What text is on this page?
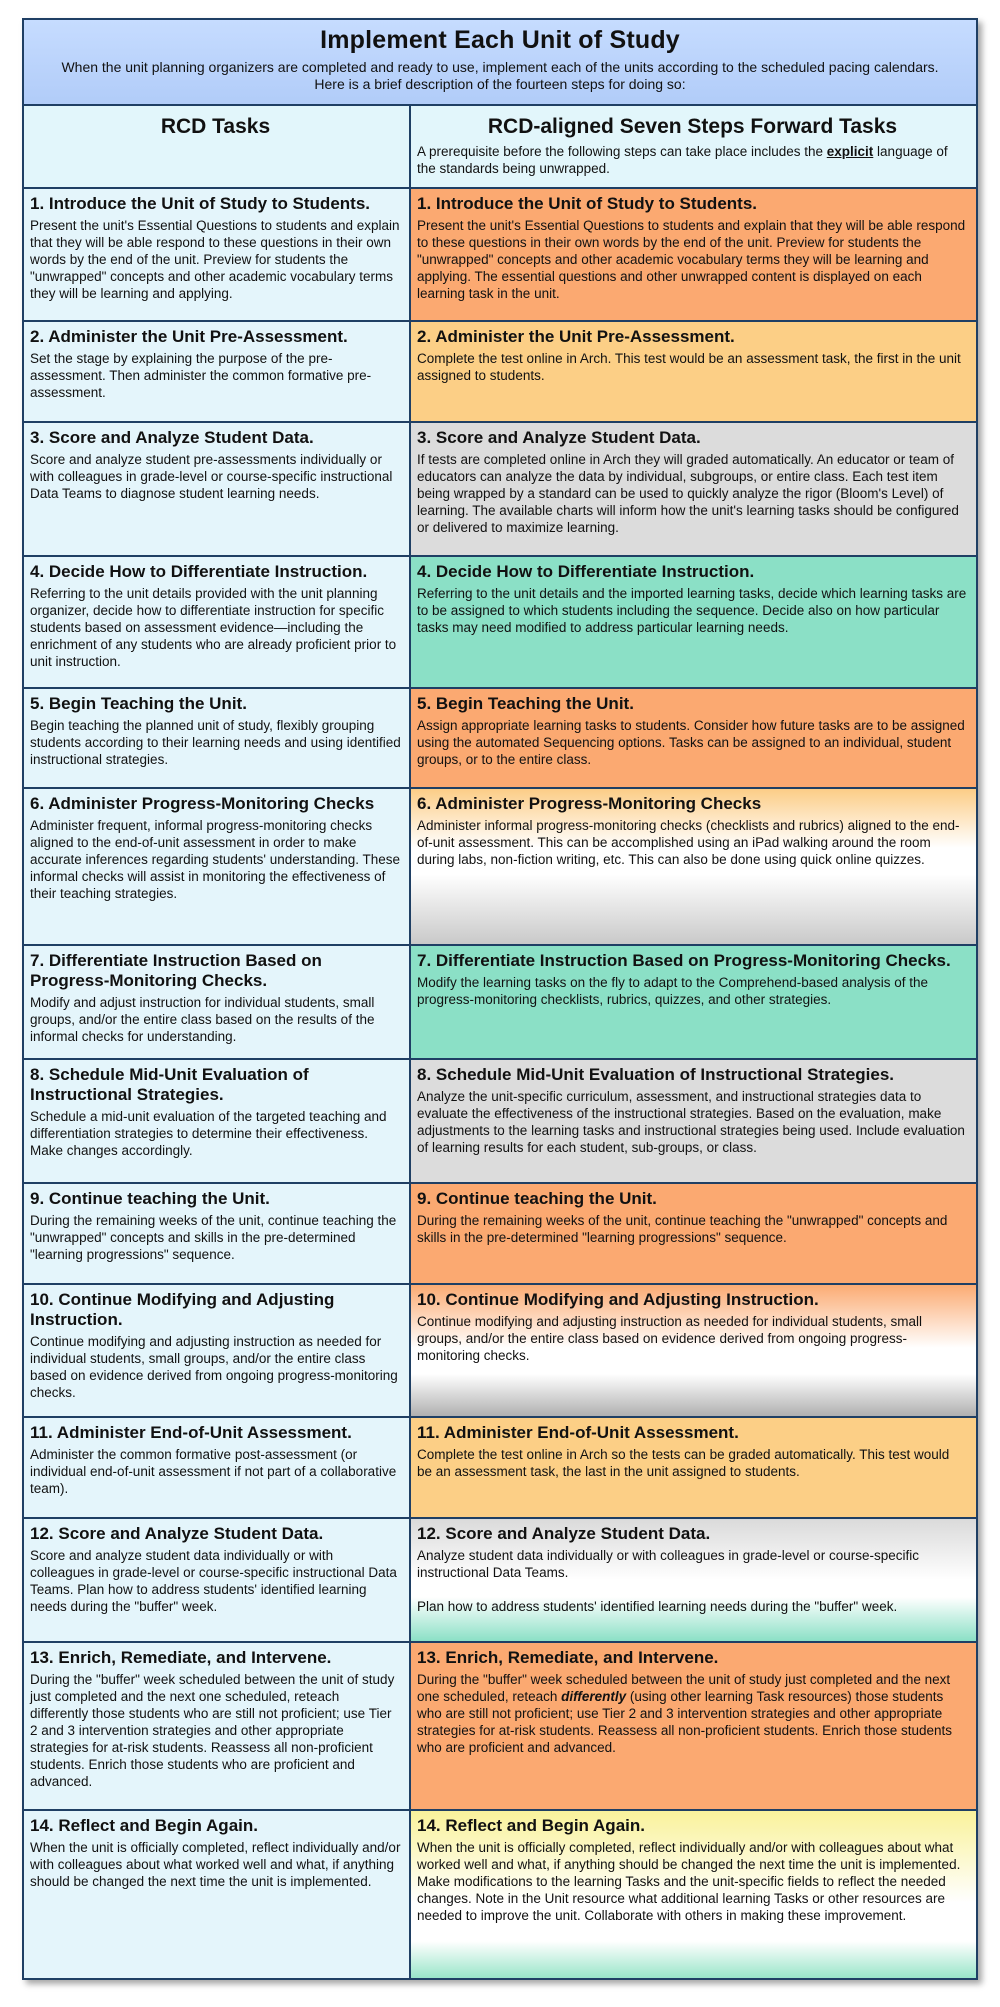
Implement Each Unit of Study

When the unit planning organizers are completed and ready to use, implement each of the units according to the scheduled pacing calendars. Here is a brief description of the fourteen steps for doing so:

RCD Tasks	RCD-aligned Seven Steps Forward Tasks

A prerequisite before the following steps can take place includes the explicit language of the standards being unwrapped.

1. Introduce the Unit of Study to Students.

Present the unit's Essential Questions to students and explain that they will be able respond to these questions in their own words by the end of the unit. Preview for students the "unwrapped" concepts and other academic vocabulary terms they will be learning and applying.

1. Introduce the Unit of Study to Students.

Present the unit's Essential Questions to students and explain that they will be able respond to these questions in their own words by the end of the unit. Preview for students the "unwrapped" concepts and other academic vocabulary terms they will be learning and applying. The essential questions and other unwrapped content is displayed on each learning task in the unit.

2. Administer the Unit Pre-Assessment.

Set the stage by explaining the purpose of the pre-assessment. Then administer the common formative pre-assessment.

2. Administer the Unit Pre-Assessment.

Complete the test online in Arch. This test would be an assessment task, the first in the unit assigned to students.

3. Score and Analyze Student Data.

Score and analyze student pre-assessments individually or with colleagues in grade-level or course-specific instructional Data Teams to diagnose student learning needs.

3. Score and Analyze Student Data.

If tests are completed online in Arch they will graded automatically. An educator or team of educators can analyze the data by individual, subgroups, or entire class. Each test item being wrapped by a standard can be used to quickly analyze the rigor (Bloom's Level) of learning. The available charts will inform how the unit's learning tasks should be configured or delivered to maximize learning.

4. Decide How to Differentiate Instruction.

Referring to the unit details provided with the unit planning organizer, decide how to differentiate instruction for specific students based on assessment evidence—including the enrichment of any students who are already proficient prior to unit instruction.

4. Decide How to Differentiate Instruction.

Referring to the unit details and the imported learning tasks, decide which learning tasks are to be assigned to which students including the sequence. Decide also on how particular tasks may need modified to address particular learning needs.

5. Begin Teaching the Unit.

Begin teaching the planned unit of study, flexibly grouping students according to their learning needs and using identified instructional strategies.

5. Begin Teaching the Unit.

Assign appropriate learning tasks to students. Consider how future tasks are to be assigned using the automated Sequencing options. Tasks can be assigned to an individual, student groups, or to the entire class.

6. Administer Progress-Monitoring Checks

Administer frequent, informal progress-monitoring checks aligned to the end-of-unit assessment in order to make accurate inferences regarding students' understanding. These informal checks will assist in monitoring the effectiveness of their teaching strategies.

6. Administer Progress-Monitoring Checks

Administer informal progress-monitoring checks (checklists and rubrics) aligned to the end-of-unit assessment. This can be accomplished using an iPad walking around the room during labs, non-fiction writing, etc. This can also be done using quick online quizzes.

7. Differentiate Instruction Based on Progress-Monitoring Checks.

Modify and adjust instruction for individual students, small groups, and/or the entire class based on the results of the informal checks for understanding.

7. Differentiate Instruction Based on Progress-Monitoring Checks.

Modify the learning tasks on the fly to adapt to the Comprehend-based analysis of the progress-monitoring checklists, rubrics, quizzes, and other strategies.

8. Schedule Mid-Unit Evaluation of Instructional Strategies.

Schedule a mid-unit evaluation of the targeted teaching and differentiation strategies to determine their effectiveness. Make changes accordingly.

8. Schedule Mid-Unit Evaluation of Instructional Strategies.

Analyze the unit-specific curriculum, assessment, and instructional strategies data to evaluate the effectiveness of the instructional strategies. Based on the evaluation, make adjustments to the learning tasks and instructional strategies being used. Include evaluation of learning results for each student, sub-groups, or class.

9. Continue teaching the Unit.

During the remaining weeks of the unit, continue teaching the "unwrapped" concepts and skills in the pre-determined "learning progressions" sequence.

9. Continue teaching the Unit.

During the remaining weeks of the unit, continue teaching the "unwrapped" concepts and skills in the pre-determined "learning progressions" sequence.

10. Continue Modifying and Adjusting Instruction.

Continue modifying and adjusting instruction as needed for individual students, small groups, and/or the entire class based on evidence derived from ongoing progress-monitoring checks.

10. Continue Modifying and Adjusting Instruction.

Continue modifying and adjusting instruction as needed for individual students, small groups, and/or the entire class based on evidence derived from ongoing progress-monitoring checks.

11. Administer End-of-Unit Assessment.

Administer the common formative post-assessment (or individual end-of-unit assessment if not part of a collaborative team).

11. Administer End-of-Unit Assessment.

Complete the test online in Arch so the tests can be graded automatically. This test would be an assessment task, the last in the unit assigned to students.

12. Score and Analyze Student Data.

Score and analyze student data individually or with colleagues in grade-level or course-specific instructional Data Teams. Plan how to address students' identified learning needs during the "buffer" week.

12. Score and Analyze Student Data.

Analyze student data individually or with colleagues in grade-level or course-specific instructional Data Teams.

Plan how to address students' identified learning needs during the "buffer" week.

13. Enrich, Remediate, and Intervene.

During the "buffer" week scheduled between the unit of study just completed and the next one scheduled, reteach differently those students who are still not proficient; use Tier 2 and 3 intervention strategies and other appropriate strategies for at-risk students. Reassess all non-proficient students. Enrich those students who are proficient and advanced.

13. Enrich, Remediate, and Intervene.

During the "buffer" week scheduled between the unit of study just completed and the next one scheduled, reteach differently (using other learning Task resources) those students who are still not proficient; use Tier 2 and 3 intervention strategies and other appropriate strategies for at-risk students. Reassess all non-proficient students. Enrich those students who are proficient and advanced.

14. Reflect and Begin Again.

When the unit is officially completed, reflect individually and/or with colleagues about what worked well and what, if anything should be changed the next time the unit is implemented.

14. Reflect and Begin Again.

When the unit is officially completed, reflect individually and/or with colleagues about what worked well and what, if anything should be changed the next time the unit is implemented.

Make modifications to the learning Tasks and the unit-specific fields to reflect the needed changes. Note in the Unit resource what additional learning Tasks or other resources are needed to improve the unit. Collaborate with others in making these improvement.
